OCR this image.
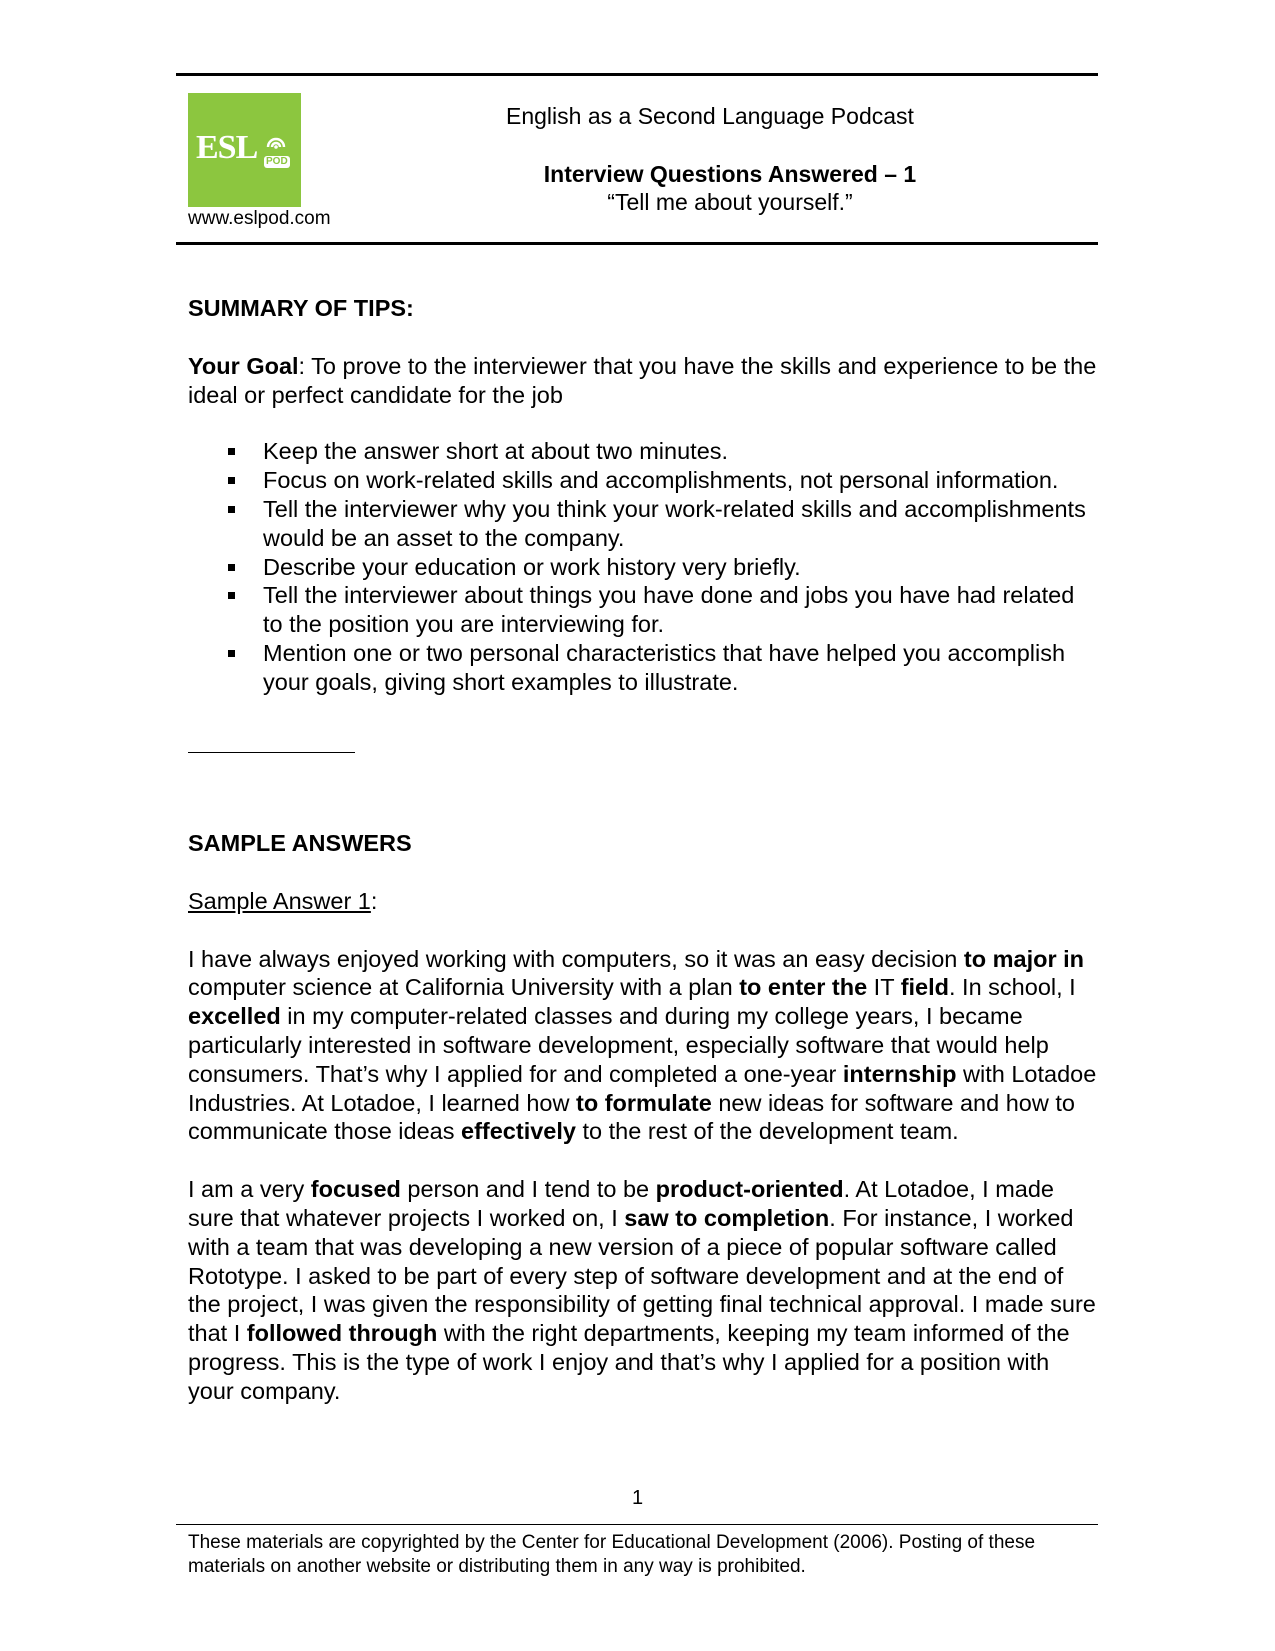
ESL POD
www.eslpod.com
English as a Second Language Podcast
Interview Questions Answered – 1
“Tell me about yourself.”

SUMMARY OF TIPS:

Your Goal: To prove to the interviewer that you have the skills and experience to be the ideal or perfect candidate for the job

Keep the answer short at about two minutes.
Focus on work-related skills and accomplishments, not personal information.
Tell the interviewer why you think your work-related skills and accomplishments would be an asset to the company.
Describe your education or work history very briefly.
Tell the interviewer about things you have done and jobs you have had related to the position you are interviewing for.
Mention one or two personal characteristics that have helped you accomplish your goals, giving short examples to illustrate.

SAMPLE ANSWERS

Sample Answer 1:

I have always enjoyed working with computers, so it was an easy decision to major in computer science at California University with a plan to enter the IT field. In school, I excelled in my computer-related classes and during my college years, I became particularly interested in software development, especially software that would help consumers. That’s why I applied for and completed a one-year internship with Lotadoe Industries. At Lotadoe, I learned how to formulate new ideas for software and how to communicate those ideas effectively to the rest of the development team.

I am a very focused person and I tend to be product-oriented. At Lotadoe, I made sure that whatever projects I worked on, I saw to completion. For instance, I worked with a team that was developing a new version of a piece of popular software called Rototype. I asked to be part of every step of software development and at the end of the project, I was given the responsibility of getting final technical approval. I made sure that I followed through with the right departments, keeping my team informed of the progress. This is the type of work I enjoy and that’s why I applied for a position with your company.

1
These materials are copyrighted by the Center for Educational Development (2006). Posting of these materials on another website or distributing them in any way is prohibited.
